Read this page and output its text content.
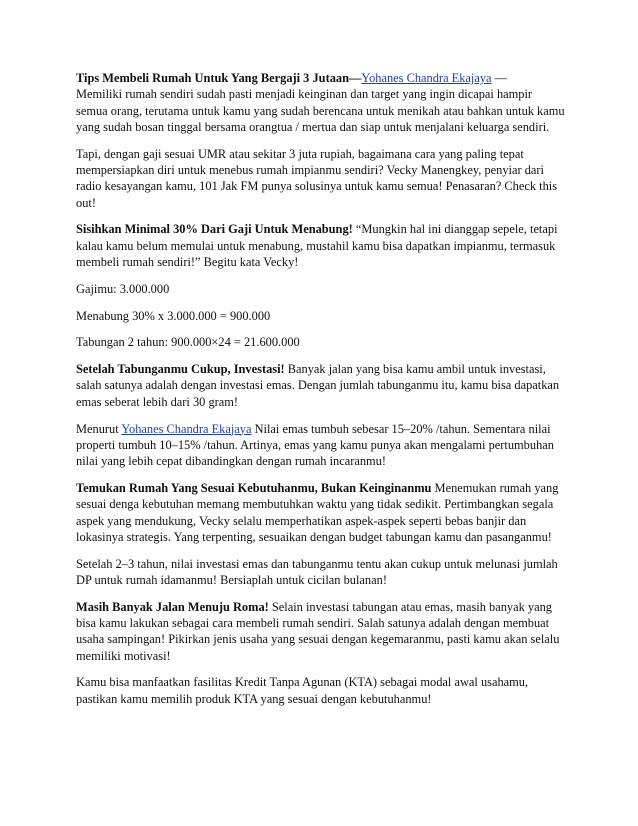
Tips Membeli Rumah Untuk Yang Bergaji 3 Jutaan—Yohanes Chandra Ekajaya —
Memiliki rumah sendiri sudah pasti menjadi keinginan dan target yang ingin dicapai hampir semua orang, terutama untuk kamu yang sudah berencana untuk menikah atau bahkan untuk kamu yang sudah bosan tinggal bersama orangtua / mertua dan siap untuk menjalani keluarga sendiri.

Tapi, dengan gaji sesuai UMR atau sekitar 3 juta rupiah, bagaimana cara yang paling tepat mempersiapkan diri untuk menebus rumah impianmu sendiri? Vecky Manengkey, penyiar dari radio kesayangan kamu, 101 Jak FM punya solusinya untuk kamu semua! Penasaran? Check this out!

Sisihkan Minimal 30% Dari Gaji Untuk Menabung! “Mungkin hal ini dianggap sepele, tetapi kalau kamu belum memulai untuk menabung, mustahil kamu bisa dapatkan impianmu, termasuk membeli rumah sendiri!” Begitu kata Vecky!

Gajimu: 3.000.000

Menabung 30% x 3.000.000 = 900.000

Tabungan 2 tahun: 900.000×24 = 21.600.000

Setelah Tabunganmu Cukup, Investasi! Banyak jalan yang bisa kamu ambil untuk investasi, salah satunya adalah dengan investasi emas. Dengan jumlah tabunganmu itu, kamu bisa dapatkan emas seberat lebih dari 30 gram!

Menurut Yohanes Chandra Ekajaya Nilai emas tumbuh sebesar 15–20% /tahun. Sementara nilai properti tumbuh 10–15% /tahun. Artinya, emas yang kamu punya akan mengalami pertumbuhan nilai yang lebih cepat dibandingkan dengan rumah incaranmu!

Temukan Rumah Yang Sesuai Kebutuhanmu, Bukan Keinginanmu Menemukan rumah yang sesuai denga kebutuhan memang membutuhkan waktu yang tidak sedikit. Pertimbangkan segala aspek yang mendukung, Vecky selalu memperhatikan aspek-aspek seperti bebas banjir dan lokasinya strategis. Yang terpenting, sesuaikan dengan budget tabungan kamu dan pasanganmu!

Setelah 2–3 tahun, nilai investasi emas dan tabunganmu tentu akan cukup untuk melunasi jumlah DP untuk rumah idamanmu! Bersiaplah untuk cicilan bulanan!

Masih Banyak Jalan Menuju Roma! Selain investasi tabungan atau emas, masih banyak yang bisa kamu lakukan sebagai cara membeli rumah sendiri. Salah satunya adalah dengan membuat usaha sampingan! Pikirkan jenis usaha yang sesuai dengan kegemaranmu, pasti kamu akan selalu memiliki motivasi!

Kamu bisa manfaatkan fasilitas Kredit Tanpa Agunan (KTA) sebagai modal awal usahamu, pastikan kamu memilih produk KTA yang sesuai dengan kebutuhanmu!
